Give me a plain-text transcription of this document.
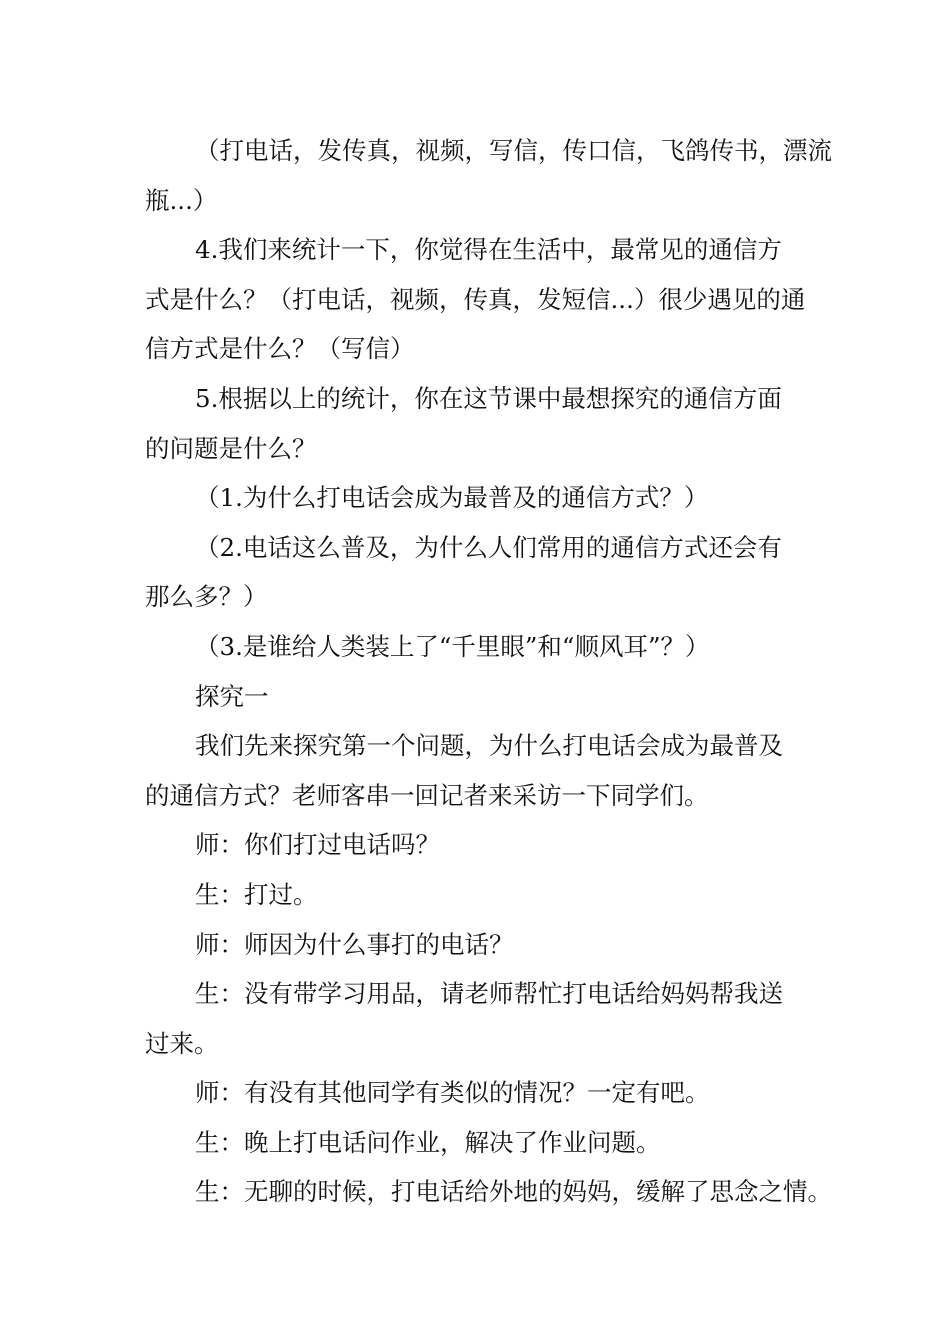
（打电话，发传真，视频，写信，传口信，飞鸽传书，漂流
瓶...）
4.我们来统计一下，你觉得在生活中，最常见的通信方
式是什么？（打电话，视频，传真，发短信...）很少遇见的通
信方式是什么？（写信）
5.根据以上的统计，你在这节课中最想探究的通信方面
的问题是什么？
（1.为什么打电话会成为最普及的通信方式？）
（2.电话这么普及，为什么人们常用的通信方式还会有
那么多？）
（3.是谁给人类装上了“千里眼”和“顺风耳”？）
探究一
我们先来探究第一个问题，为什么打电话会成为最普及
的通信方式？老师客串一回记者来采访一下同学们。
师：你们打过电话吗？
生：打过。
师：师因为什么事打的电话？
生：没有带学习用品，请老师帮忙打电话给妈妈帮我送
过来。
师：有没有其他同学有类似的情况？一定有吧。
生：晚上打电话问作业，解决了作业问题。
生：无聊的时候，打电话给外地的妈妈，缓解了思念之情。
